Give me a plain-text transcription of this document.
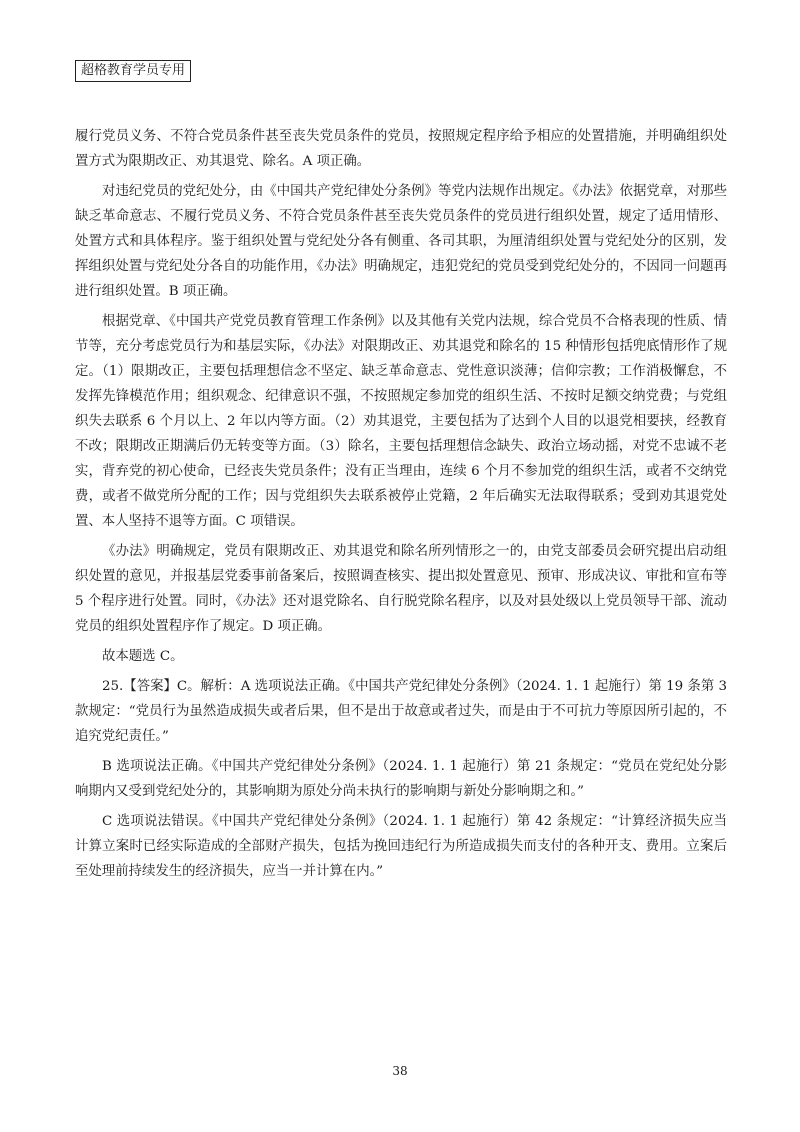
超格教育学员专用

履行党员义务、不符合党员条件甚至丧失党员条件的党员，按照规定程序给予相应的处置措施，并明确组织处置方式为限期改正、劝其退党、除名。A 项正确。

对违纪党员的党纪处分，由《中国共产党纪律处分条例》等党内法规作出规定。《办法》依据党章，对那些缺乏革命意志、不履行党员义务、不符合党员条件甚至丧失党员条件的党员进行组织处置，规定了适用情形、处置方式和具体程序。鉴于组织处置与党纪处分各有侧重、各司其职，为厘清组织处置与党纪处分的区别，发挥组织处置与党纪处分各自的功能作用，《办法》明确规定，违犯党纪的党员受到党纪处分的，不因同一问题再进行组织处置。B 项正确。

根据党章、《中国共产党党员教育管理工作条例》以及其他有关党内法规，综合党员不合格表现的性质、情节等，充分考虑党员行为和基层实际，《办法》对限期改正、劝其退党和除名的 15 种情形包括兜底情形作了规定。（1）限期改正，主要包括理想信念不坚定、缺乏革命意志、党性意识淡薄；信仰宗教；工作消极懈怠，不发挥先锋模范作用；组织观念、纪律意识不强，不按照规定参加党的组织生活、不按时足额交纳党费；与党组织失去联系 6 个月以上、2 年以内等方面。（2）劝其退党，主要包括为了达到个人目的以退党相要挟，经教育不改；限期改正期满后仍无转变等方面。（3）除名，主要包括理想信念缺失、政治立场动摇，对党不忠诚不老实，背弃党的初心使命，已经丧失党员条件；没有正当理由，连续 6 个月不参加党的组织生活，或者不交纳党费，或者不做党所分配的工作；因与党组织失去联系被停止党籍，2 年后确实无法取得联系；受到劝其退党处置、本人坚持不退等方面。C 项错误。

《办法》明确规定，党员有限期改正、劝其退党和除名所列情形之一的，由党支部委员会研究提出启动组织处置的意见，并报基层党委事前备案后，按照调查核实、提出拟处置意见、预审、形成决议、审批和宣布等 5 个程序进行处置。同时，《办法》还对退党除名、自行脱党除名程序，以及对县处级以上党员领导干部、流动党员的组织处置程序作了规定。D 项正确。

故本题选 C。

25.【答案】C。解析：A 选项说法正确。《中国共产党纪律处分条例》（2024. 1. 1 起施行）第 19 条第 3 款规定：“党员行为虽然造成损失或者后果，但不是出于故意或者过失，而是由于不可抗力等原因所引起的，不追究党纪责任。”

B 选项说法正确。《中国共产党纪律处分条例》（2024. 1. 1 起施行）第 21 条规定：“党员在党纪处分影响期内又受到党纪处分的，其影响期为原处分尚未执行的影响期与新处分影响期之和。”

C 选项说法错误。《中国共产党纪律处分条例》（2024. 1. 1 起施行）第 42 条规定：“计算经济损失应当计算立案时已经实际造成的全部财产损失，包括为挽回违纪行为所造成损失而支付的各种开支、费用。立案后至处理前持续发生的经济损失，应当一并计算在内。”

38
